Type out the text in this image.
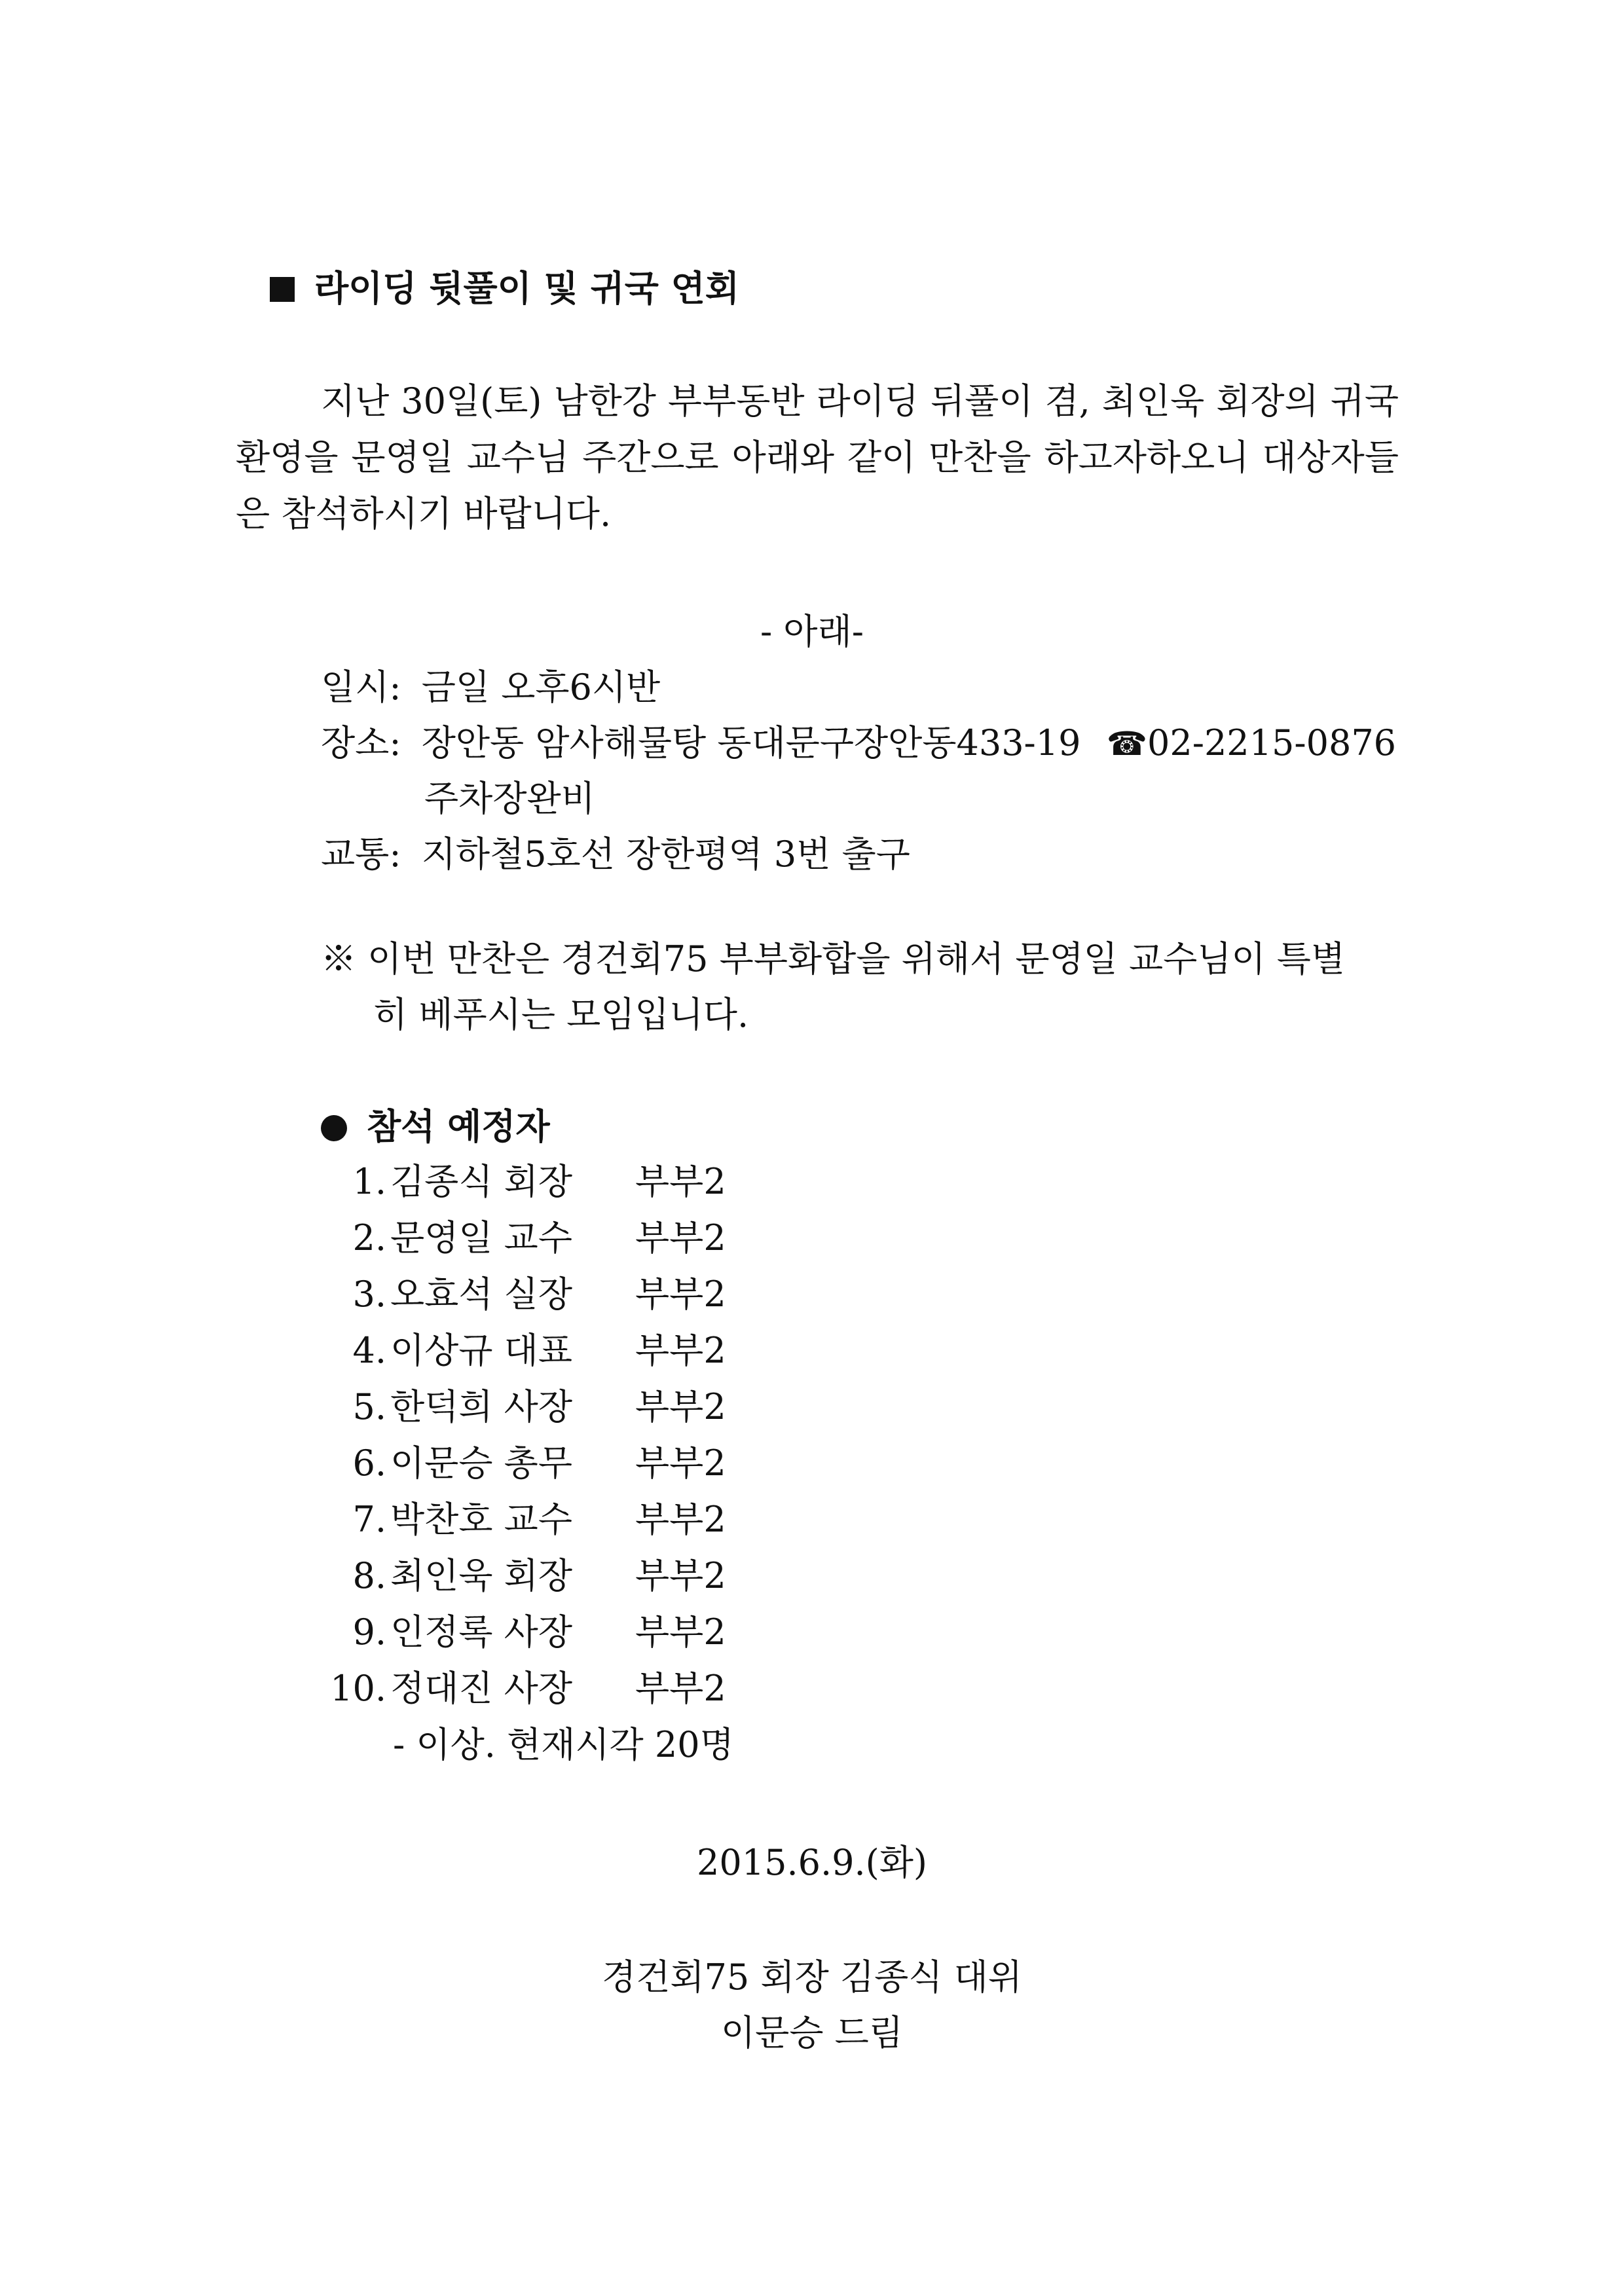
라이딩 뒷풀이 및 귀국 연회
지난 30일(토) 남한강 부부동반 라이딩 뒤풀이 겸, 최인욱 회장의 귀국환영을 문영일 교수님 주간으로 아래와 같이 만찬을 하고자하오니 대상자들은 참석하시기 바랍니다.
- 아래-
일시: 금일 오후6시반
장소: 장안동 암사해물탕 동대문구장안동433-19 ☎02-2215-0876
주차장완비
교통: 지하철5호선 장한평역 3번 출구
※ 이번 만찬은 경건회75 부부화합을 위해서 문영일 교수님이 특별
히 베푸시는 모임입니다.
참석 예정자
1. 김종식 회장 부부2
2. 문영일 교수 부부2
3. 오효석 실장 부부2
4. 이상규 대표 부부2
5. 한덕희 사장 부부2
6. 이문승 총무 부부2
7. 박찬호 교수 부부2
8. 최인욱 회장 부부2
9. 인정록 사장 부부2
10. 정대진 사장 부부2
- 이상. 현재시각 20명
2015.6.9.(화)
경건회75 회장 김종식 대위
이문승 드림
